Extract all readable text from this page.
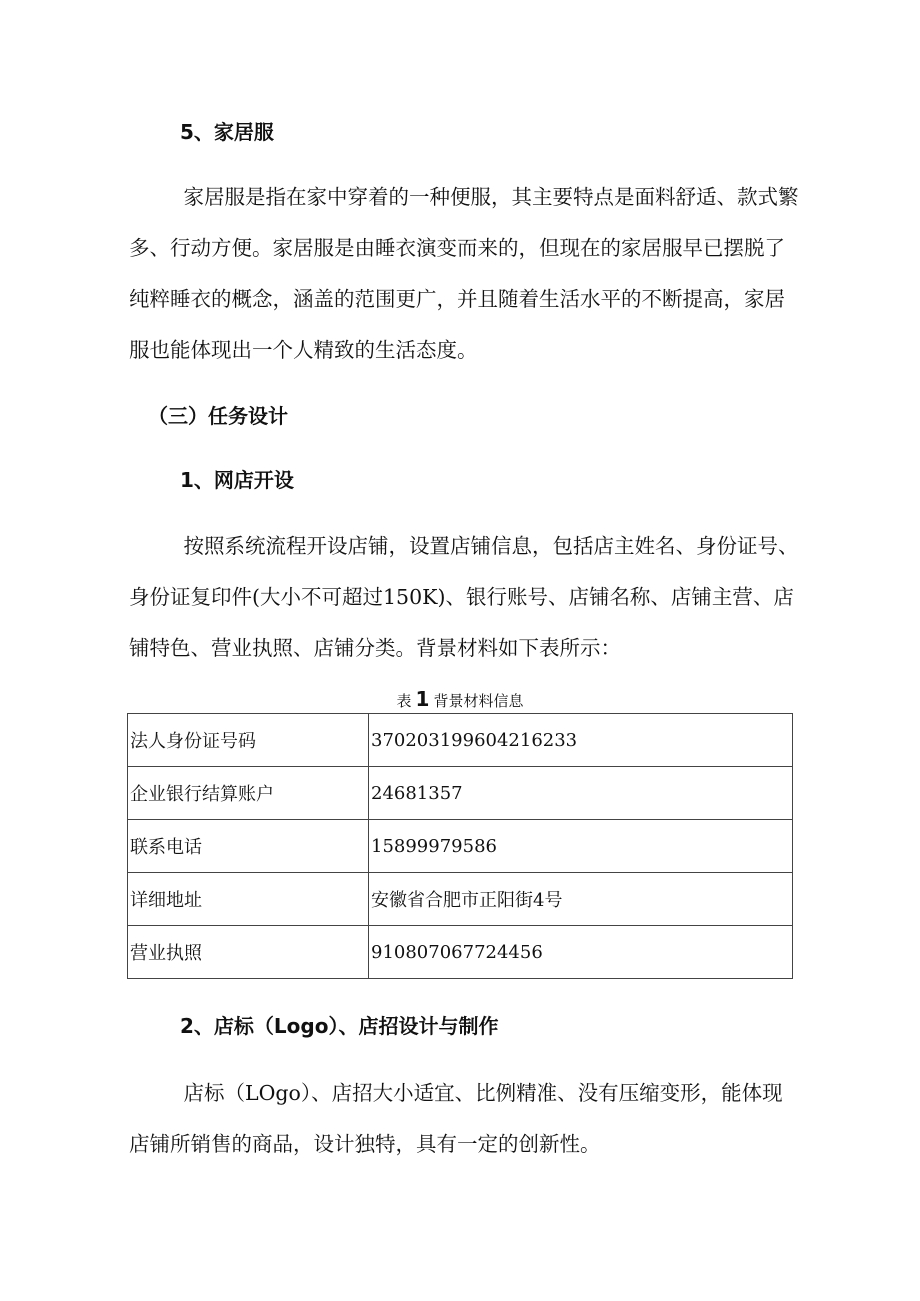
5、家居服

家居服是指在家中穿着的一种便服，其主要特点是面料舒适、款式繁多、行动方便。家居服是由睡衣演变而来的，但现在的家居服早已摆脱了纯粹睡衣的概念，涵盖的范围更广，并且随着生活水平的不断提高，家居服也能体现出一个人精致的生活态度。

（三）任务设计
1、网店开设

按照系统流程开设店铺，设置店铺信息，包括店主姓名、身份证号、身份证复印件(大小不可超过150K)、银行账号、店铺名称、店铺主营、店铺特色、营业执照、店铺分类。背景材料如下表所示：

表 1 背景材料信息
法人身份证号码	370203199604216233
企业银行结算账户	24681357
联系电话	15899979586
详细地址	安徽省合肥市正阳街4号
营业执照	910807067724456
2、店标（Logo）、店招设计与制作

店标（LOgo）、店招大小适宜、比例精准、没有压缩变形，能体现店铺所销售的商品，设计独特，具有一定的创新性。
